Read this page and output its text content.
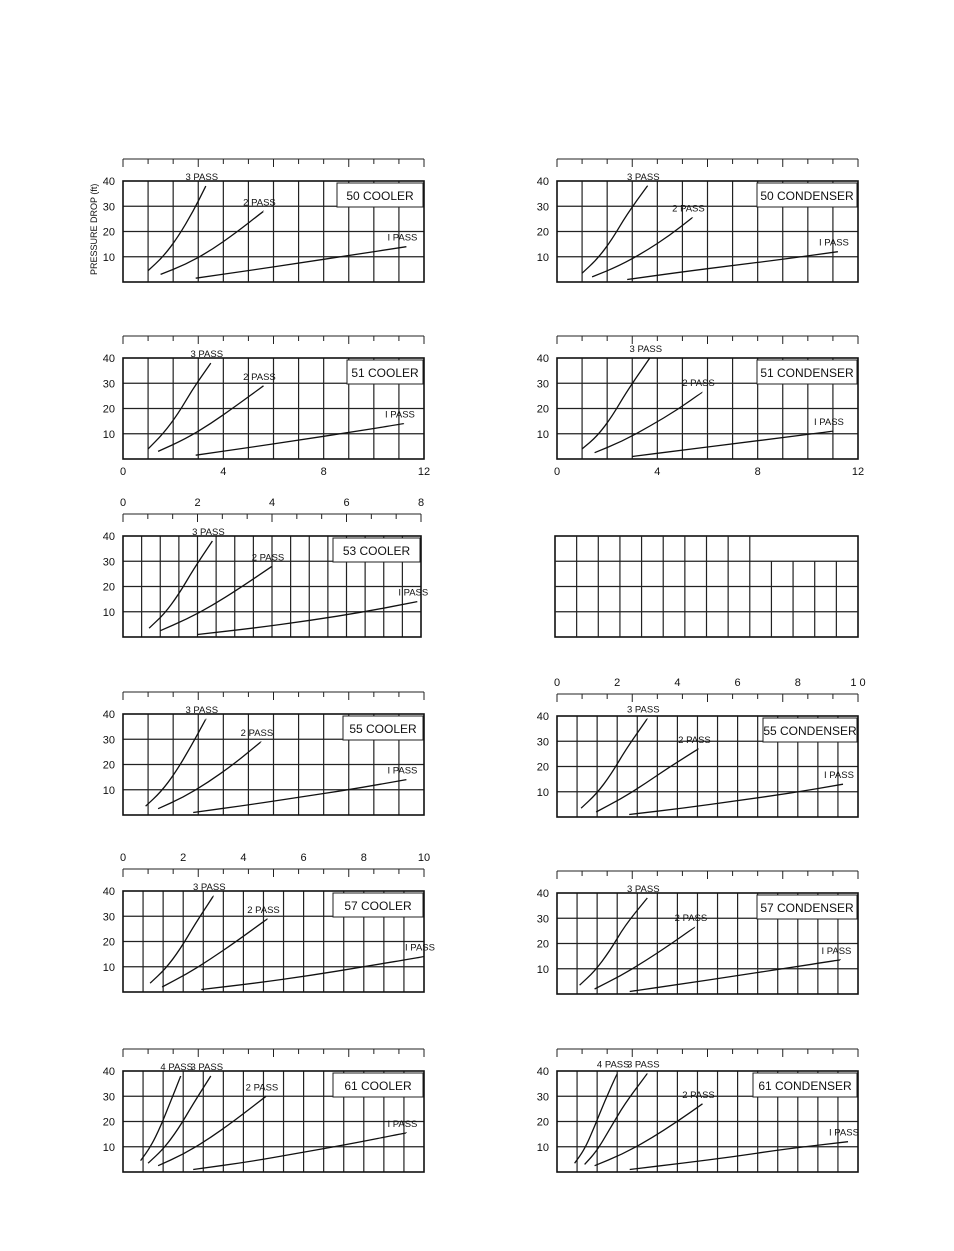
PRESSURE DROP (ft)	50 COOLER
40
30
20
10
3 PASS
2 PASS
I PASS
50 CONDENSER
40
30
20
10
3 PASS
2 PASS
I PASS
51 COOLER
40
30
20
10
0	4	8	12
3 PASS
2 PASS
I PASS
51 CONDENSER
40
30
20
10
0	4	8	12
3 PASS
2 PASS
I PASS
53 COOLER
40
30
20
10
0	2	4	6	8
3 PASS
2 PASS
I PASS
55 COOLER
40
30
20
10
3 PASS
2 PASS
I PASS
55 CONDENSER
40
30
20
10
0	2	4	6	8	1 0
3 PASS
2 PASS
I PASS
57 COOLER
40
30
20
10
0	2	4	6	8	10
3 PASS
2 PASS
I PASS
57 CONDENSER
40
30
20
10
3 PASS
2 PASS
I PASS
61 COOLER
40
30
20
10
4 PASS
3 PASS
2 PASS
I PASS
61 CONDENSER
40
30
20
10
4 PASS
3 PASS
2 PASS
I PASS
